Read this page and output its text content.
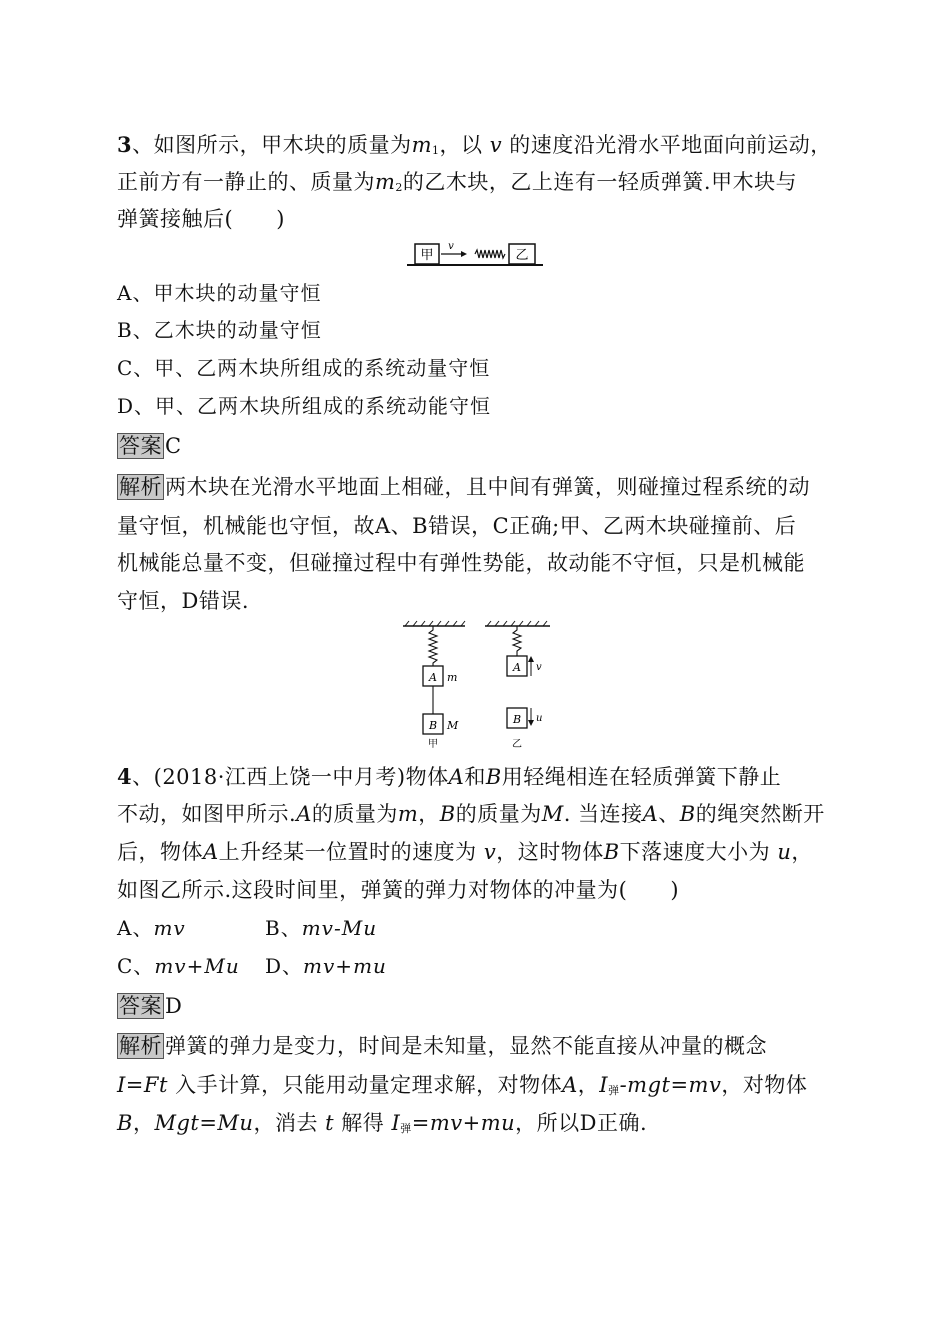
3、如图所示，甲木块的质量为m1，以 v 的速度沿光滑水平地面向前运动，
正前方有一静止的、质量为m2的乙木块，乙上连有一轻质弹簧.甲木块与
弹簧接触后(　　)
甲
v
乙
A、甲木块的动量守恒
B、乙木块的动量守恒
C、甲、乙两木块所组成的系统动量守恒
D、甲、乙两木块所组成的系统动能守恒
答案 C
解析 两木块在光滑水平地面上相碰，且中间有弹簧，则碰撞过程系统的动
量守恒，机械能也守恒，故A、B错误，C正确;甲、乙两木块碰撞前、后
机械能总量不变，但碰撞过程中有弹性势能，故动能不守恒，只是机械能
守恒，D错误.
A m
B M
甲
A v
B u
乙
4、(2018·江西上饶一中月考)物体A和B用轻绳相连在轻质弹簧下静止
不动，如图甲所示.A的质量为m，B的质量为M. 当连接A、B的绳突然断开
后，物体A上升经某一位置时的速度为 v，这时物体B下落速度大小为 u，
如图乙所示.这段时间里，弹簧的弹力对物体的冲量为(　　)
A、mv	B、mv-Mu
C、mv+Mu D、mv+mu
答案 D
解析 弹簧的弹力是变力，时间是未知量，显然不能直接从冲量的概念
I=Ft 入手计算，只能用动量定理求解，对物体A，I弹-mgt=mv，对物体
B，Mgt=Mu，消去 t 解得 I弹=mv+mu，所以D正确.
